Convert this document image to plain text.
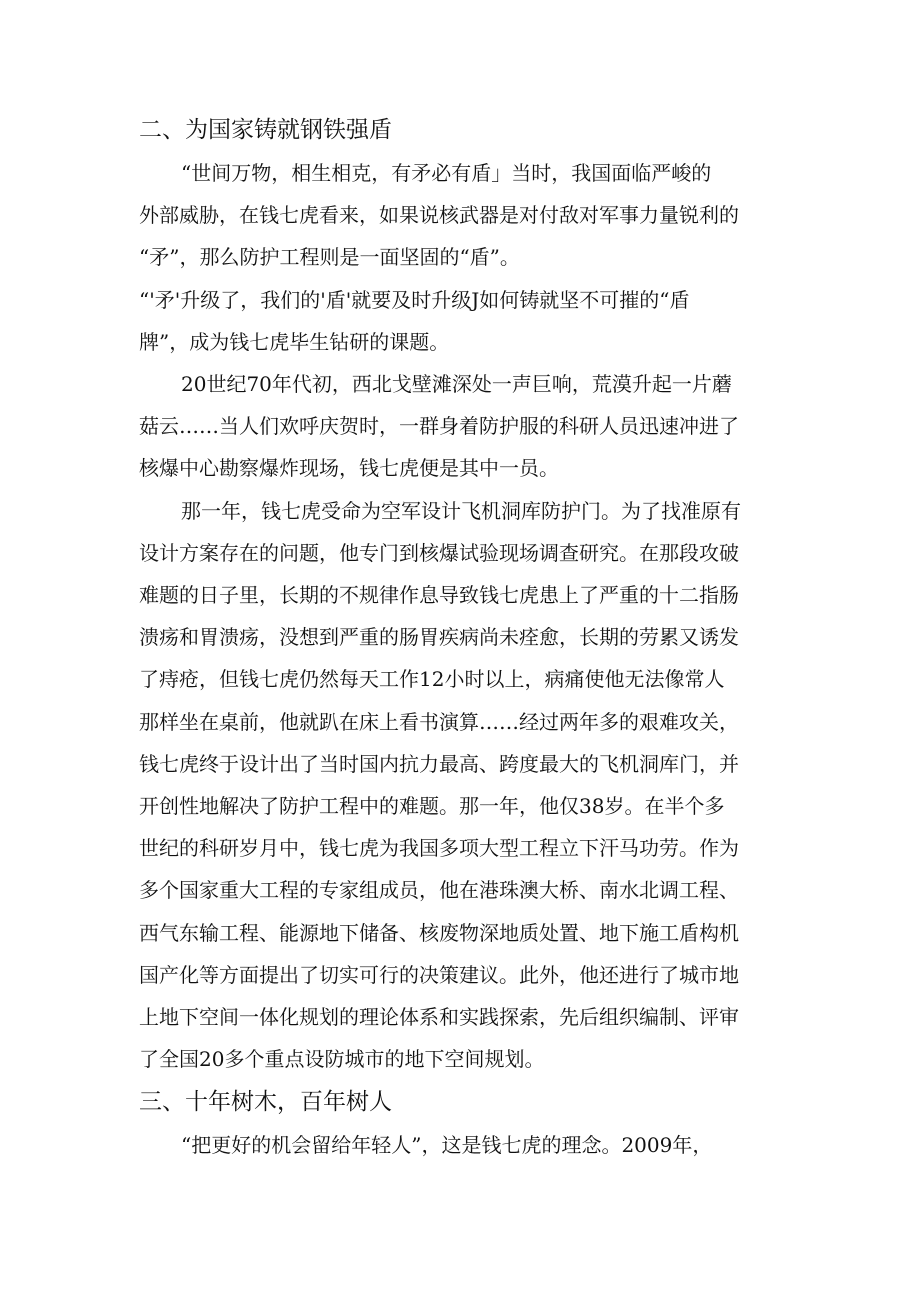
二、为国家铸就钢铁强盾
“世间万物，相生相克，有矛必有盾」当时，我国面临严峻的
外部威胁，在钱七虎看来，如果说核武器是对付敌对军事力量锐利的
“矛”，那么防护工程则是一面坚固的“盾”。
“'矛'升级了，我们的'盾'就要及时升级J如何铸就坚不可摧的“盾
牌”，成为钱七虎毕生钻研的课题。
20世纪70年代初，西北戈壁滩深处一声巨响，荒漠升起一片蘑
菇云……当人们欢呼庆贺时，一群身着防护服的科研人员迅速冲进了
核爆中心勘察爆炸现场，钱七虎便是其中一员。
那一年，钱七虎受命为空军设计飞机洞库防护门。为了找准原有
设计方案存在的问题，他专门到核爆试验现场调查研究。在那段攻破
难题的日子里，长期的不规律作息导致钱七虎患上了严重的十二指肠
溃疡和胃溃疡，没想到严重的肠胃疾病尚未痊愈，长期的劳累又诱发
了痔疮，但钱七虎仍然每天工作12小时以上，病痛使他无法像常人
那样坐在桌前，他就趴在床上看书演算……经过两年多的艰难攻关，
钱七虎终于设计出了当时国内抗力最高、跨度最大的飞机洞库门，并
开创性地解决了防护工程中的难题。那一年，他仅38岁。在半个多
世纪的科研岁月中，钱七虎为我国多项大型工程立下汗马功劳。作为
多个国家重大工程的专家组成员，他在港珠澳大桥、南水北调工程、
西气东输工程、能源地下储备、核废物深地质处置、地下施工盾构机
国产化等方面提出了切实可行的决策建议。此外，他还进行了城市地
上地下空间一体化规划的理论体系和实践探索，先后组织编制、评审
了全国20多个重点设防城市的地下空间规划。
三、十年树木，百年树人
“把更好的机会留给年轻人”，这是钱七虎的理念。2009年，
